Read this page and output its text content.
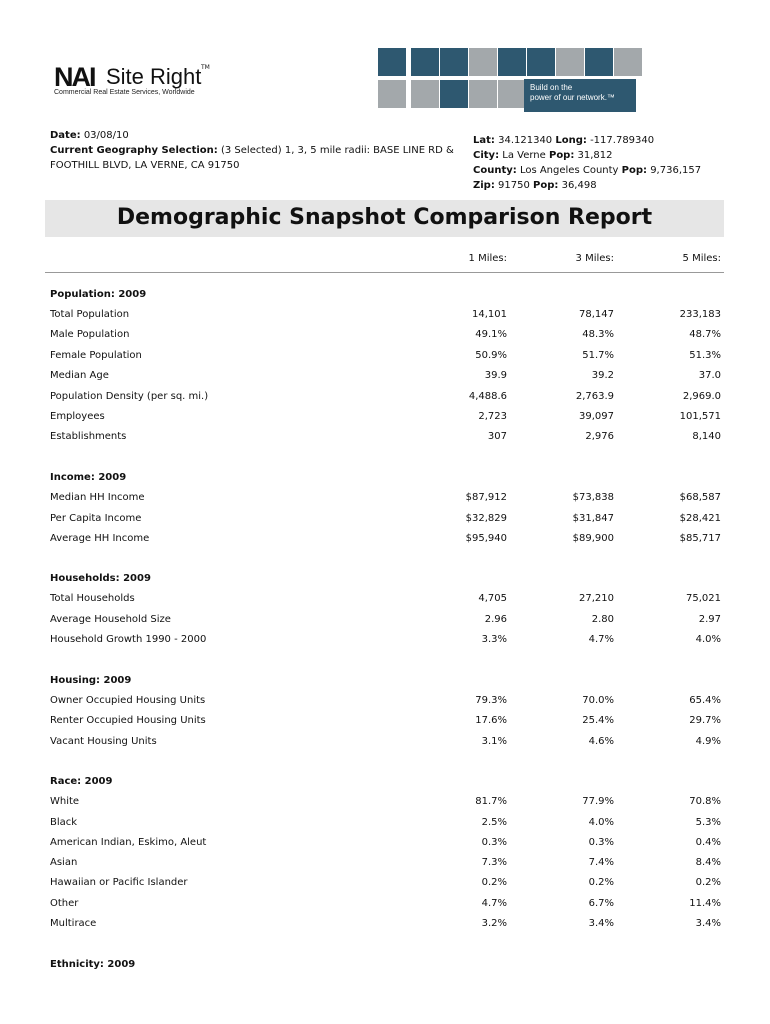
NAI Site Right TM
Commercial Real Estate Services, Worldwide
Build on the
power of our network.™
Date: 03/08/10
Current Geography Selection: (3 Selected) 1, 3, 5 mile radii: BASE LINE RD & FOOTHILL BLVD, LA VERNE, CA 91750
Lat: 34.121340 Long: -117.789340
City: La Verne Pop: 31,812
County: Los Angeles County Pop: 9,736,157
Zip: 91750 Pop: 36,498
Demographic Snapshot Comparison Report
1 Miles:	3 Miles:	5 Miles:
Population: 2009
Total Population	14,101	78,147	233,183
Male Population	49.1%	48.3%	48.7%
Female Population	50.9%	51.7%	51.3%
Median Age	39.9	39.2	37.0
Population Density (per sq. mi.)	4,488.6	2,763.9	2,969.0
Employees	2,723	39,097	101,571
Establishments	307	2,976	8,140
Income: 2009
Median HH Income	$87,912	$73,838	$68,587
Per Capita Income	$32,829	$31,847	$28,421
Average HH Income	$95,940	$89,900	$85,717
Households: 2009
Total Households	4,705	27,210	75,021
Average Household Size	2.96	2.80	2.97
Household Growth 1990 - 2000	3.3%	4.7%	4.0%
Housing: 2009
Owner Occupied Housing Units	79.3%	70.0%	65.4%
Renter Occupied Housing Units	17.6%	25.4%	29.7%
Vacant Housing Units	3.1%	4.6%	4.9%
Race: 2009
White	81.7%	77.9%	70.8%
Black	2.5%	4.0%	5.3%
American Indian, Eskimo, Aleut	0.3%	0.3%	0.4%
Asian	7.3%	7.4%	8.4%
Hawaiian or Pacific Islander	0.2%	0.2%	0.2%
Other	4.7%	6.7%	11.4%
Multirace	3.2%	3.4%	3.4%
Ethnicity: 2009
